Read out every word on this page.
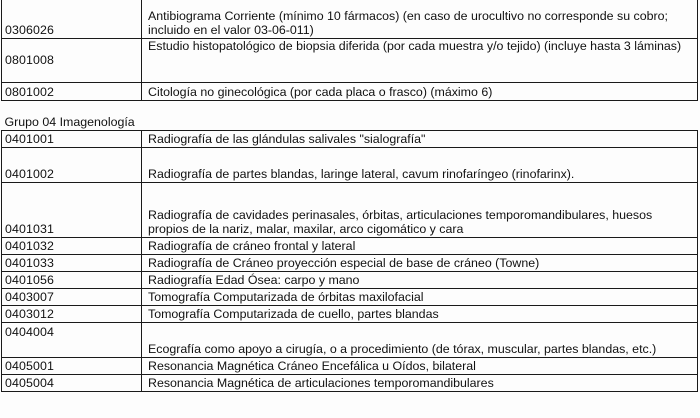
0306026	Antibiograma Corriente (mínimo 10 fármacos) (en caso de urocultivo no corresponde su cobro; incluido en el valor 03-06-011)
0801008	Estudio histopatológico de biopsia diferida (por cada muestra y/o tejido) (incluye hasta 3 láminas)
0801002	Citología no ginecológica (por cada placa o frasco) (máximo 6)
Grupo 04 Imagenología	
0401001	Radiografía de las glándulas salivales "sialografía"
0401002	Radiografía de partes blandas, laringe lateral, cavum rinofaríngeo (rinofarinx).
0401031	Radiografía de cavidades perinasales, órbitas, articulaciones temporomandibulares, huesos propios de la nariz, malar, maxilar, arco cigomático y cara
0401032	Radiografía de cráneo frontal y lateral
0401033	Radiografía de Cráneo proyección especial de base de cráneo (Towne)
0401056	Radiografía Edad Ósea: carpo y mano
0403007	Tomografía Computarizada de órbitas maxilofacial
0403012	Tomografía Computarizada de cuello, partes blandas
0404004	Ecografía como apoyo a cirugía, o a procedimiento (de tórax, muscular, partes blandas, etc.)
0405001	Resonancia Magnética Cráneo Encefálica u Oídos, bilateral
0405004	Resonancia Magnética de articulaciones temporomandibulares
